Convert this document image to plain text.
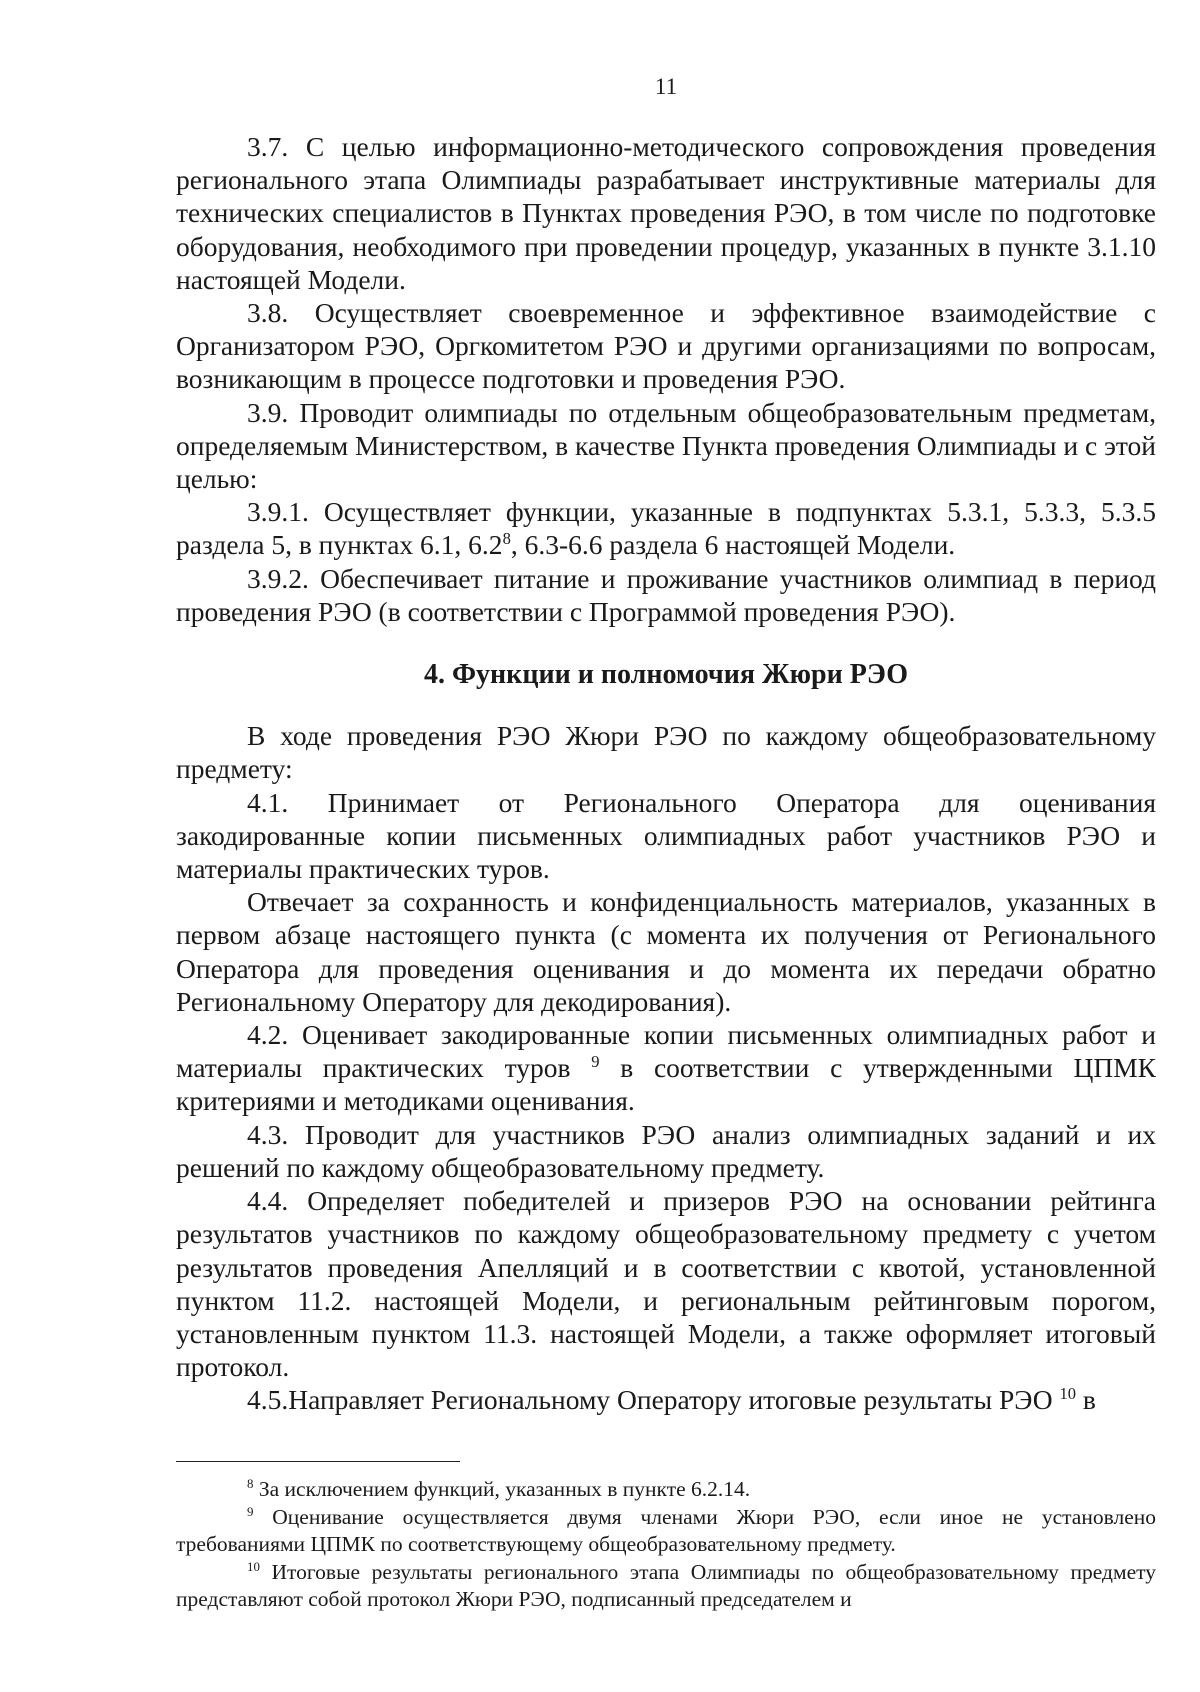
11

3.7. С целью информационно-методического сопровождения проведения регионального этапа Олимпиады разрабатывает инструктивные материалы для технических специалистов в Пунктах проведения РЭО, в том числе по подготовке оборудования, необходимого при проведении процедур, указанных в пункте 3.1.10 настоящей Модели.

3.8. Осуществляет своевременное и эффективное взаимодействие с Организатором РЭО, Оргкомитетом РЭО и другими организациями по вопросам, возникающим в процессе подготовки и проведения РЭО.

3.9. Проводит олимпиады по отдельным общеобразовательным предметам, определяемым Министерством, в качестве Пункта проведения Олимпиады и с этой целью:

3.9.1. Осуществляет функции, указанные в подпунктах 5.3.1, 5.3.3, 5.3.5 раздела 5, в пунктах 6.1, $6.2^8$, 6.3-6.6 раздела 6 настоящей Модели.

3.9.2. Обеспечивает питание и проживание участников олимпиад в период проведения РЭО (в соответствии с Программой проведения РЭО).

4. Функции и полномочия Жюри РЭО

В ходе проведения РЭО Жюри РЭО по каждому общеобразовательному предмету:

4.1. Принимает от Регионального Оператора для оценивания закодированные копии письменных олимпиадных работ участников РЭО и материалы практических туров.

Отвечает за сохранность и конфиденциальность материалов, указанных в первом абзаце настоящего пункта (с момента их получения от Регионального Оператора для проведения оценивания и до момента их передачи обратно Региональному Оператору для декодирования).

4.2. Оценивает закодированные копии письменных олимпиадных работ и материалы практических туров $^9$ в соответствии с утвержденными ЦПМК критериями и методиками оценивания.

4.3. Проводит для участников РЭО анализ олимпиадных заданий и их решений по каждому общеобразовательному предмету.

4.4. Определяет победителей и призеров РЭО на основании рейтинга результатов участников по каждому общеобразовательному предмету с учетом результатов проведения Апелляций и в соответствии с квотой, установленной пунктом 11.2. настоящей Модели, и региональным рейтинговым порогом, установленным пунктом 11.3. настоящей Модели, а также оформляет итоговый протокол.

4.5.Направляет Региональному Оператору итоговые результаты РЭО $^{10}$ в

$^8$ За исключением функций, указанных в пункте 6.2.14.

$^9$ Оценивание осуществляется двумя членами Жюри РЭО, если иное не установлено требованиями ЦПМК по соответствующему общеобразовательному предмету.

$^{10}$ Итоговые результаты регионального этапа Олимпиады по общеобразовательному предмету представляют собой протокол Жюри РЭО, подписанный председателем и
